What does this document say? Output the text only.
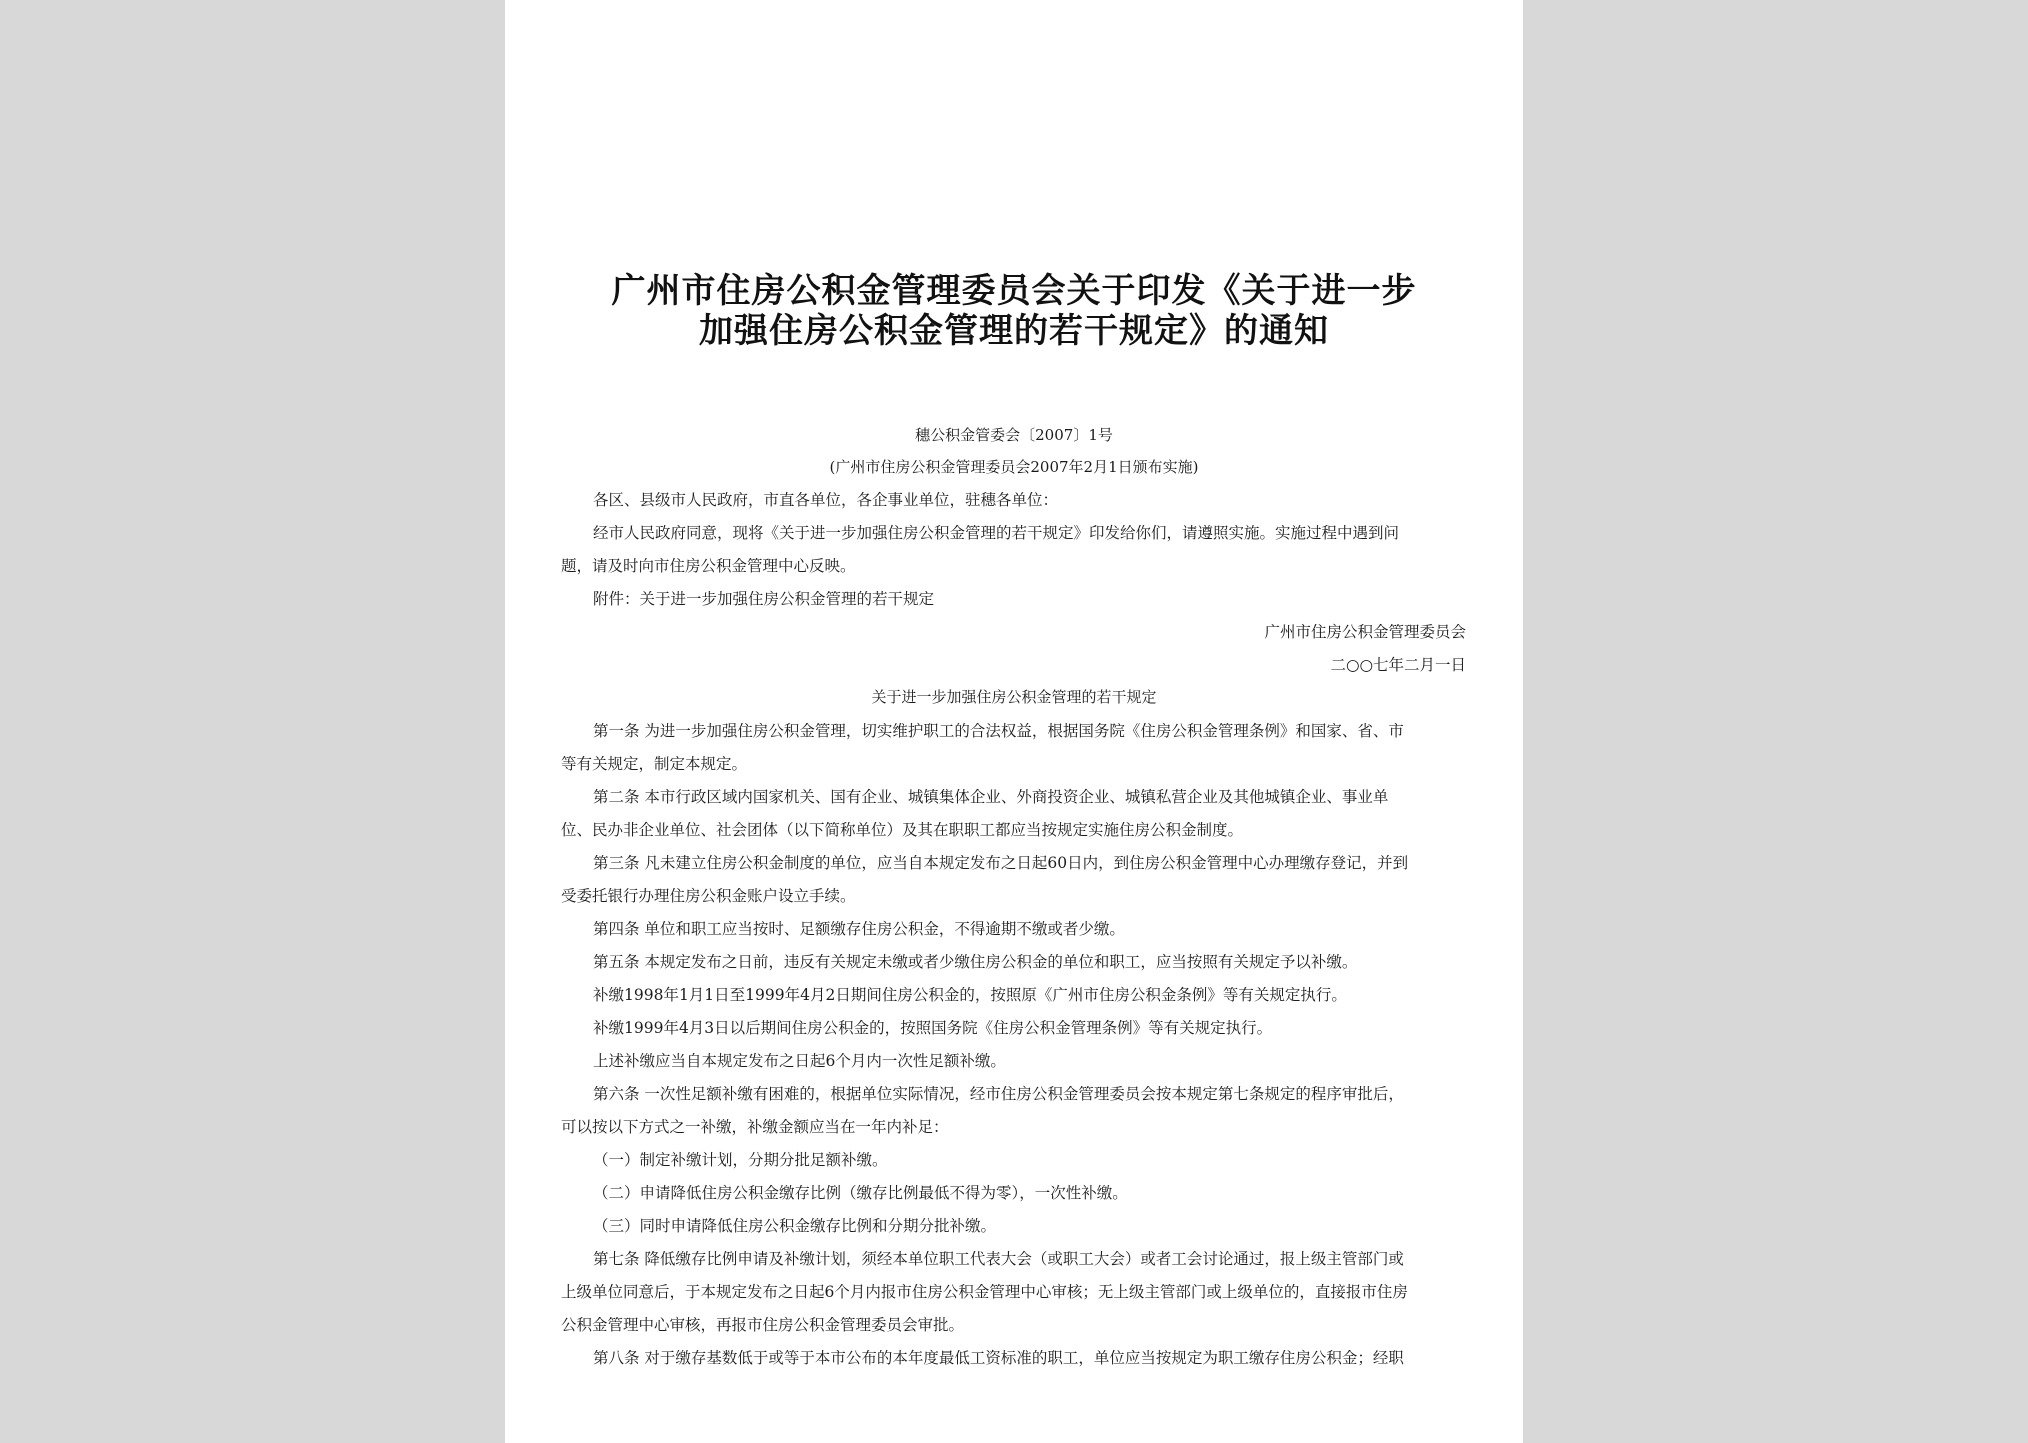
广州市住房公积金管理委员会关于印发《关于进一步
加强住房公积金管理的若干规定》的通知
穗公积金管委会〔2007〕1号
(广州市住房公积金管理委员会2007年2月1日颁布实施)
各区、县级市人民政府，市直各单位，各企事业单位，驻穗各单位：
经市人民政府同意，现将《关于进一步加强住房公积金管理的若干规定》印发给你们，请遵照实施。实施过程中遇到问
题，请及时向市住房公积金管理中心反映。
附件：关于进一步加强住房公积金管理的若干规定
广州市住房公积金管理委员会
二○○七年二月一日
关于进一步加强住房公积金管理的若干规定
第一条 为进一步加强住房公积金管理，切实维护职工的合法权益，根据国务院《住房公积金管理条例》和国家、省、市
等有关规定，制定本规定。
第二条 本市行政区域内国家机关、国有企业、城镇集体企业、外商投资企业、城镇私营企业及其他城镇企业、事业单
位、民办非企业单位、社会团体（以下简称单位）及其在职职工都应当按规定实施住房公积金制度。
第三条 凡未建立住房公积金制度的单位，应当自本规定发布之日起60日内，到住房公积金管理中心办理缴存登记，并到
受委托银行办理住房公积金账户设立手续。
第四条 单位和职工应当按时、足额缴存住房公积金，不得逾期不缴或者少缴。
第五条 本规定发布之日前，违反有关规定未缴或者少缴住房公积金的单位和职工，应当按照有关规定予以补缴。
补缴1998年1月1日至1999年4月2日期间住房公积金的，按照原《广州市住房公积金条例》等有关规定执行。
补缴1999年4月3日以后期间住房公积金的，按照国务院《住房公积金管理条例》等有关规定执行。
上述补缴应当自本规定发布之日起6个月内一次性足额补缴。
第六条 一次性足额补缴有困难的，根据单位实际情况，经市住房公积金管理委员会按本规定第七条规定的程序审批后，
可以按以下方式之一补缴，补缴金额应当在一年内补足：
（一）制定补缴计划，分期分批足额补缴。
（二）申请降低住房公积金缴存比例（缴存比例最低不得为零），一次性补缴。
（三）同时申请降低住房公积金缴存比例和分期分批补缴。
第七条 降低缴存比例申请及补缴计划，须经本单位职工代表大会（或职工大会）或者工会讨论通过，报上级主管部门或
上级单位同意后，于本规定发布之日起6个月内报市住房公积金管理中心审核；无上级主管部门或上级单位的，直接报市住房
公积金管理中心审核，再报市住房公积金管理委员会审批。
第八条 对于缴存基数低于或等于本市公布的本年度最低工资标准的职工，单位应当按规定为职工缴存住房公积金；经职
